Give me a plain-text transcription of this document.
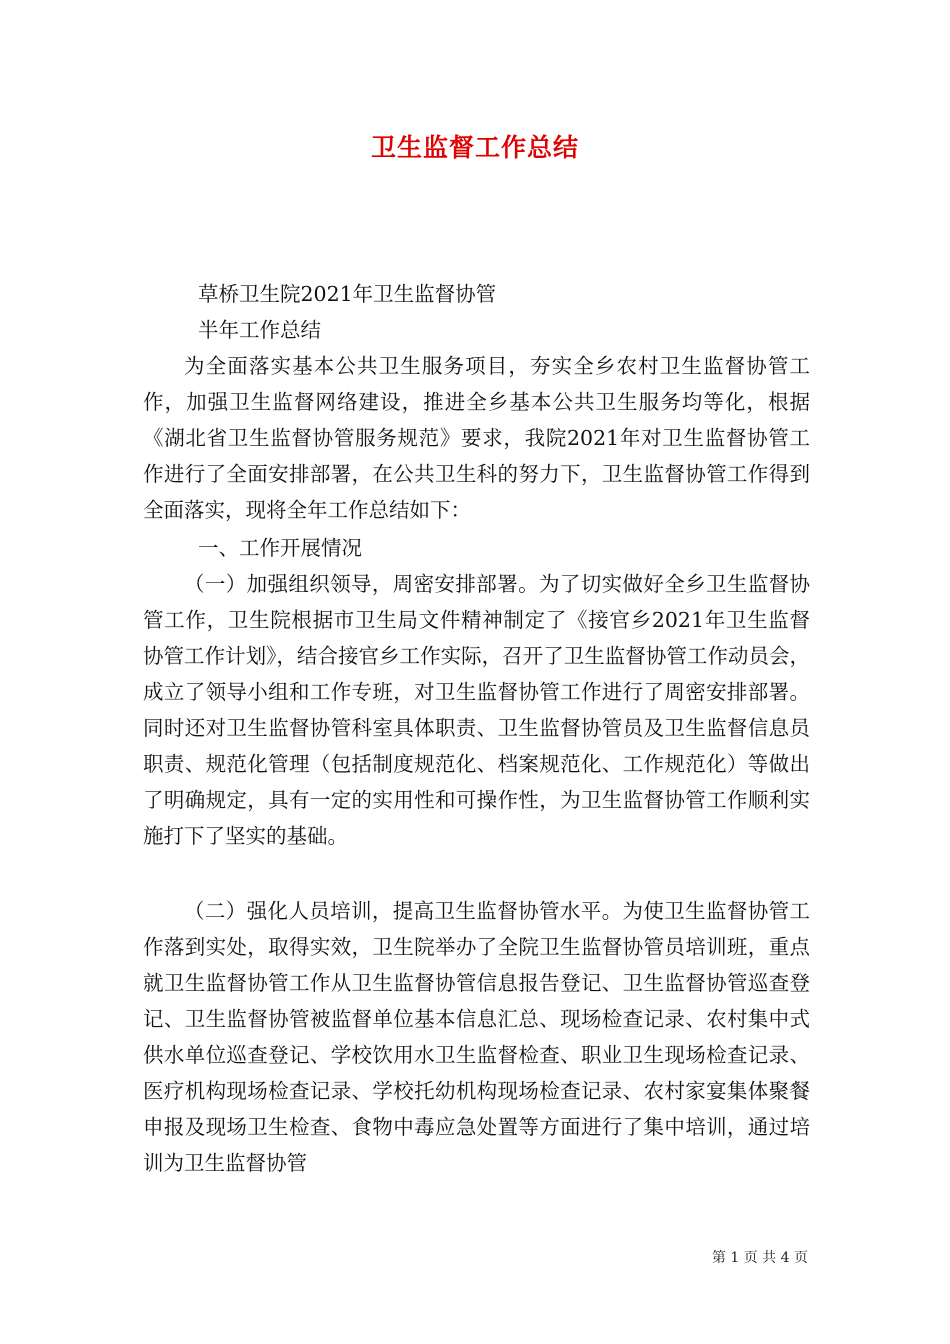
卫生监督工作总结
草桥卫生院2021年卫生监督协管
半年工作总结

为全面落实基本公共卫生服务项目，夯实全乡农村卫生监督协管工作，加强卫生监督网络建设，推进全乡基本公共卫生服务均等化，根据《湖北省卫生监督协管服务规范》要求，我院2021年对卫生监督协管工作进行了全面安排部署，在公共卫生科的努力下，卫生监督协管工作得到全面落实，现将全年工作总结如下：

一、工作开展情况

（一）加强组织领导，周密安排部署。为了切实做好全乡卫生监督协管工作，卫生院根据市卫生局文件精神制定了《接官乡2021年卫生监督协管工作计划》，结合接官乡工作实际，召开了卫生监督协管工作动员会，成立了领导小组和工作专班，对卫生监督协管工作进行了周密安排部署。同时还对卫生监督协管科室具体职责、卫生监督协管员及卫生监督信息员职责、规范化管理（包括制度规范化、档案规范化、工作规范化）等做出了明确规定，具有一定的实用性和可操作性，为卫生监督协管工作顺利实施打下了坚实的基础。

（二）强化人员培训，提高卫生监督协管水平。为使卫生监督协管工作落到实处，取得实效，卫生院举办了全院卫生监督协管员培训班，重点就卫生监督协管工作从卫生监督协管信息报告登记、卫生监督协管巡查登记、卫生监督协管被监督单位基本信息汇总、现场检查记录、农村集中式供水单位巡查登记、学校饮用水卫生监督检查、职业卫生现场检查记录、医疗机构现场检查记录、学校托幼机构现场检查记录、农村家宴集体聚餐申报及现场卫生检查、食物中毒应急处置等方面进行了集中培训，通过培训为卫生监督协管

第 1 页 共 4 页
